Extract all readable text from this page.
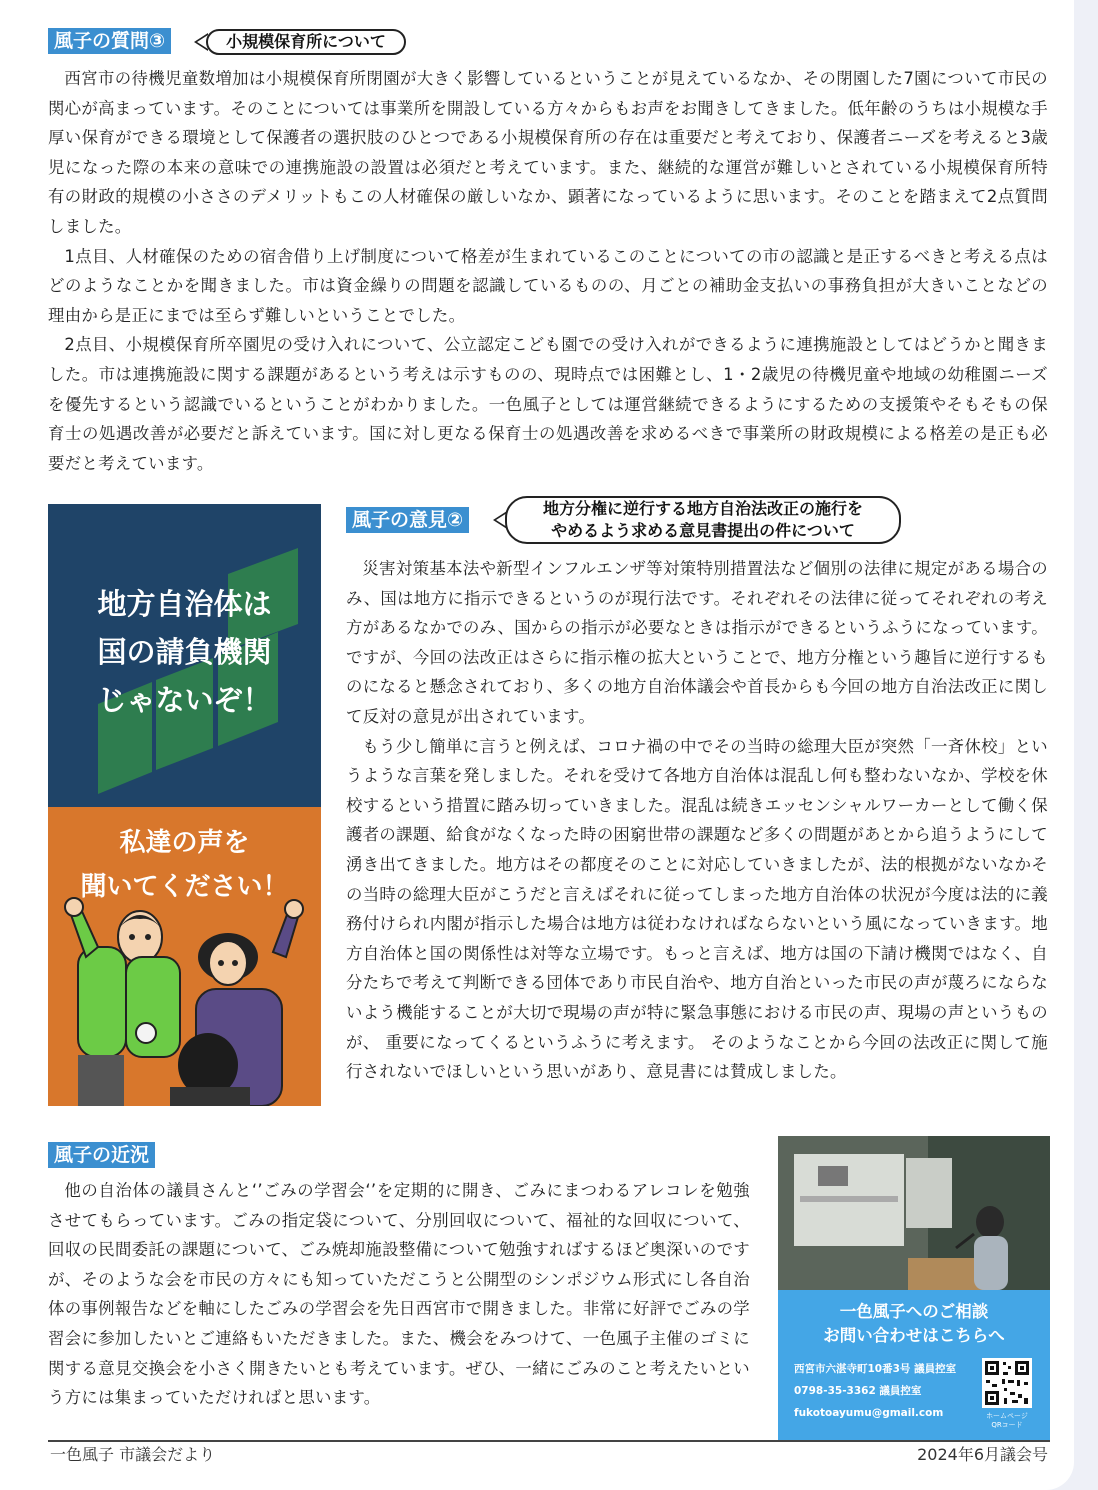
風子の質問③	小規模保育所について

西宮市の待機児童数増加は小規模保育所閉園が大きく影響しているということが見えているなか、その閉園した7園について市民の関心が高まっています。そのことについては事業所を開設している方々からもお声をお聞きしてきました。低年齢のうちは小規模な手厚い保育ができる環境として保護者の選択肢のひとつである小規模保育所の存在は重要だと考えており、保護者ニーズを考えると3歳児になった際の本来の意味での連携施設の設置は必須だと考えています。また、継続的な運営が難しいとされている小規模保育所特有の財政的規模の小ささのデメリットもこの人材確保の厳しいなか、顕著になっているように思います。そのことを踏まえて2点質問しました。

1点目、人材確保のための宿舎借り上げ制度について格差が生まれているこのことについての市の認識と是正するべきと考える点はどのようなことかを聞きました。市は資金繰りの問題を認識しているものの、月ごとの補助金支払いの事務負担が大きいことなどの理由から是正にまでは至らず難しいということでした。

2点目、小規模保育所卒園児の受け入れについて、公立認定こども園での受け入れができるように連携施設としてはどうかと聞きました。市は連携施設に関する課題があるという考えは示すものの、現時点では困難とし、1・2歳児の待機児童や地域の幼稚園ニーズを優先するという認識でいるということがわかりました。一色風子としては運営継続できるようにするための支援策やそもそもの保育士の処遇改善が必要だと訴えています。国に対し更なる保育士の処遇改善を求めるべきで事業所の財政規模による格差の是正も必要だと考えています。

地方自治体は
国の請負機関
じゃないぞ！
私達の声を
聞いてください！
風子の意見②
地方分権に逆行する地方自治法改正の施行を
やめるよう求める意見書提出の件について

災害対策基本法や新型インフルエンザ等対策特別措置法など個別の法律に規定がある場合のみ、国は地方に指示できるというのが現行法です。それぞれその法律に従ってそれぞれの考え方があるなかでのみ、国からの指示が必要なときは指示ができるというふうになっています。 ですが、今回の法改正はさらに指示権の拡大ということで、地方分権という趣旨に逆行するものになると懸念されており、多くの地方自治体議会や首長からも今回の地方自治法改正に関して反対の意見が出されています。

もう少し簡単に言うと例えば、コロナ禍の中でその当時の総理大臣が突然「一斉休校」というような言葉を発しました。それを受けて各地方自治体は混乱し何も整わないなか、学校を休校するという措置に踏み切っていきました。混乱は続きエッセンシャルワーカーとして働く保護者の課題、給食がなくなった時の困窮世帯の課題など多くの問題があとから追うようにして湧き出てきました。地方はその都度そのことに対応していきましたが、法的根拠がないなかその当時の総理大臣がこうだと言えばそれに従ってしまった地方自治体の状況が今度は法的に義務付けられ内閣が指示した場合は地方は従わなければならないという風になっていきます。地方自治体と国の関係性は対等な立場です。もっと言えば、地方は国の下請け機関ではなく、自分たちで考えて判断できる団体であり市民自治や、地方自治といった市民の声が蔑ろにならないよう機能することが大切で現場の声が特に緊急事態における市民の声、現場の声というものが、 重要になってくるというふうに考えます。 そのようなことから今回の法改正に関して施行されないでほしいという思いがあり、意見書には賛成しました。

風子の近況

他の自治体の議員さんと‘’ごみの学習会‘’を定期的に開き、ごみにまつわるアレコレを勉強させてもらっています。ごみの指定袋について、分別回収について、福祉的な回収について、回収の民間委託の課題について、ごみ焼却施設整備について勉強すればするほど奥深いのですが、そのような会を市民の方々にも知っていただこうと公開型のシンポジウム形式にし各自治体の事例報告などを軸にしたごみの学習会を先日西宮市で開きました。非常に好評でごみの学習会に参加したいとご連絡もいただきました。また、機会をみつけて、一色風子主催のゴミに関する意見交換会を小さく開きたいとも考えています。ぜひ、一緒にごみのこと考えたいという方には集まっていただければと思います。

一色風子へのご相談
お問い合わせはこちらへ
西宮市六湛寺町10番3号 議員控室
0798-35-3362 議員控室
fukotoayumu@gmail.com	ホームページ
QRコード
一色風子 市議会だより	2024年6月議会号
